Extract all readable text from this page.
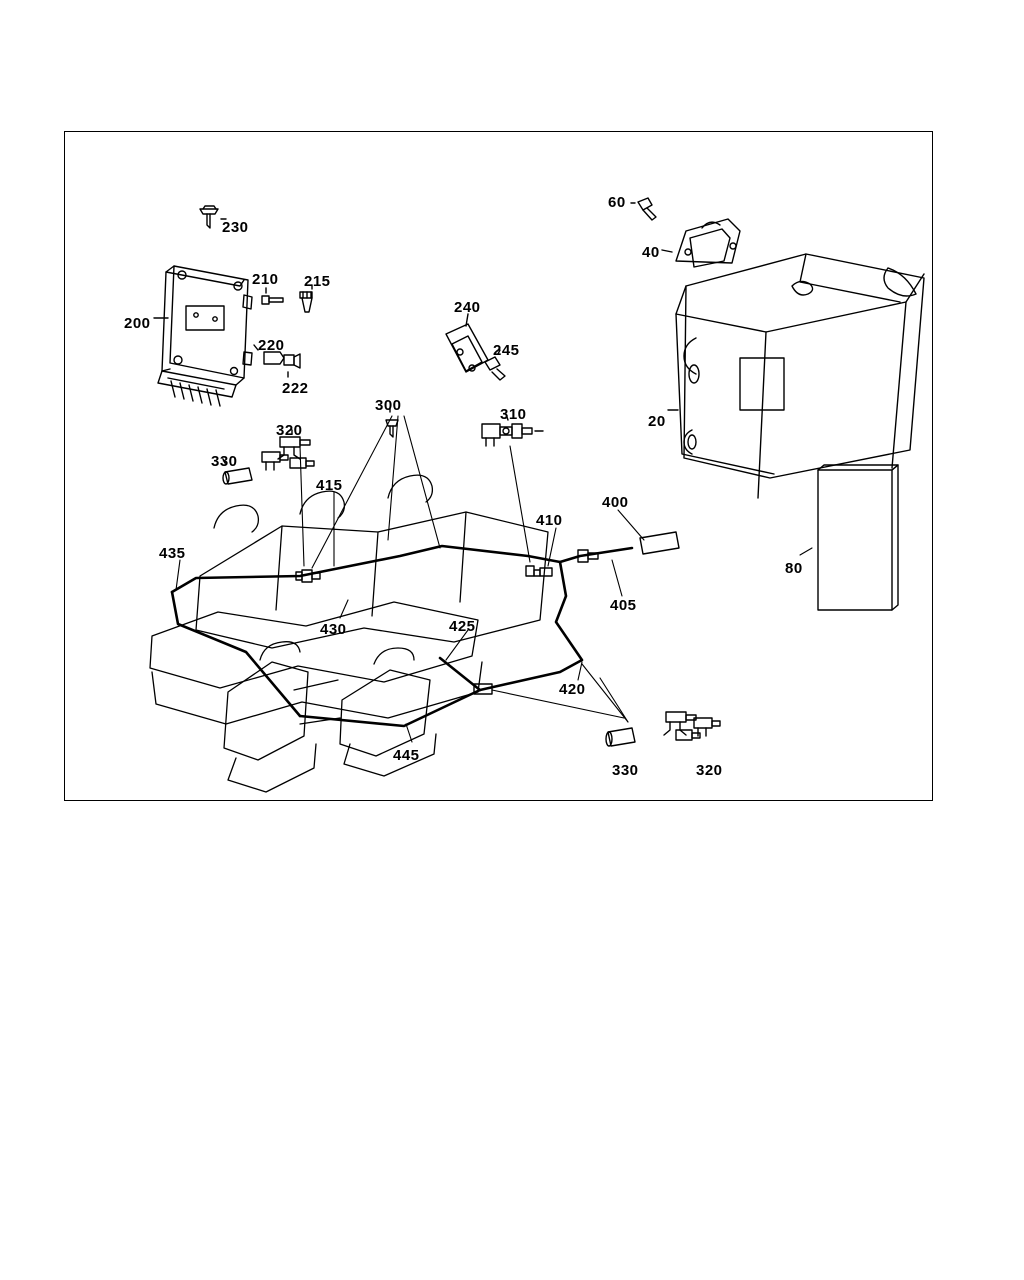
230
60
40
210 215
200
240
245
220
222
20
300
310
320
330
415
400
410
435
80
405
430	425
420
445
330	320
